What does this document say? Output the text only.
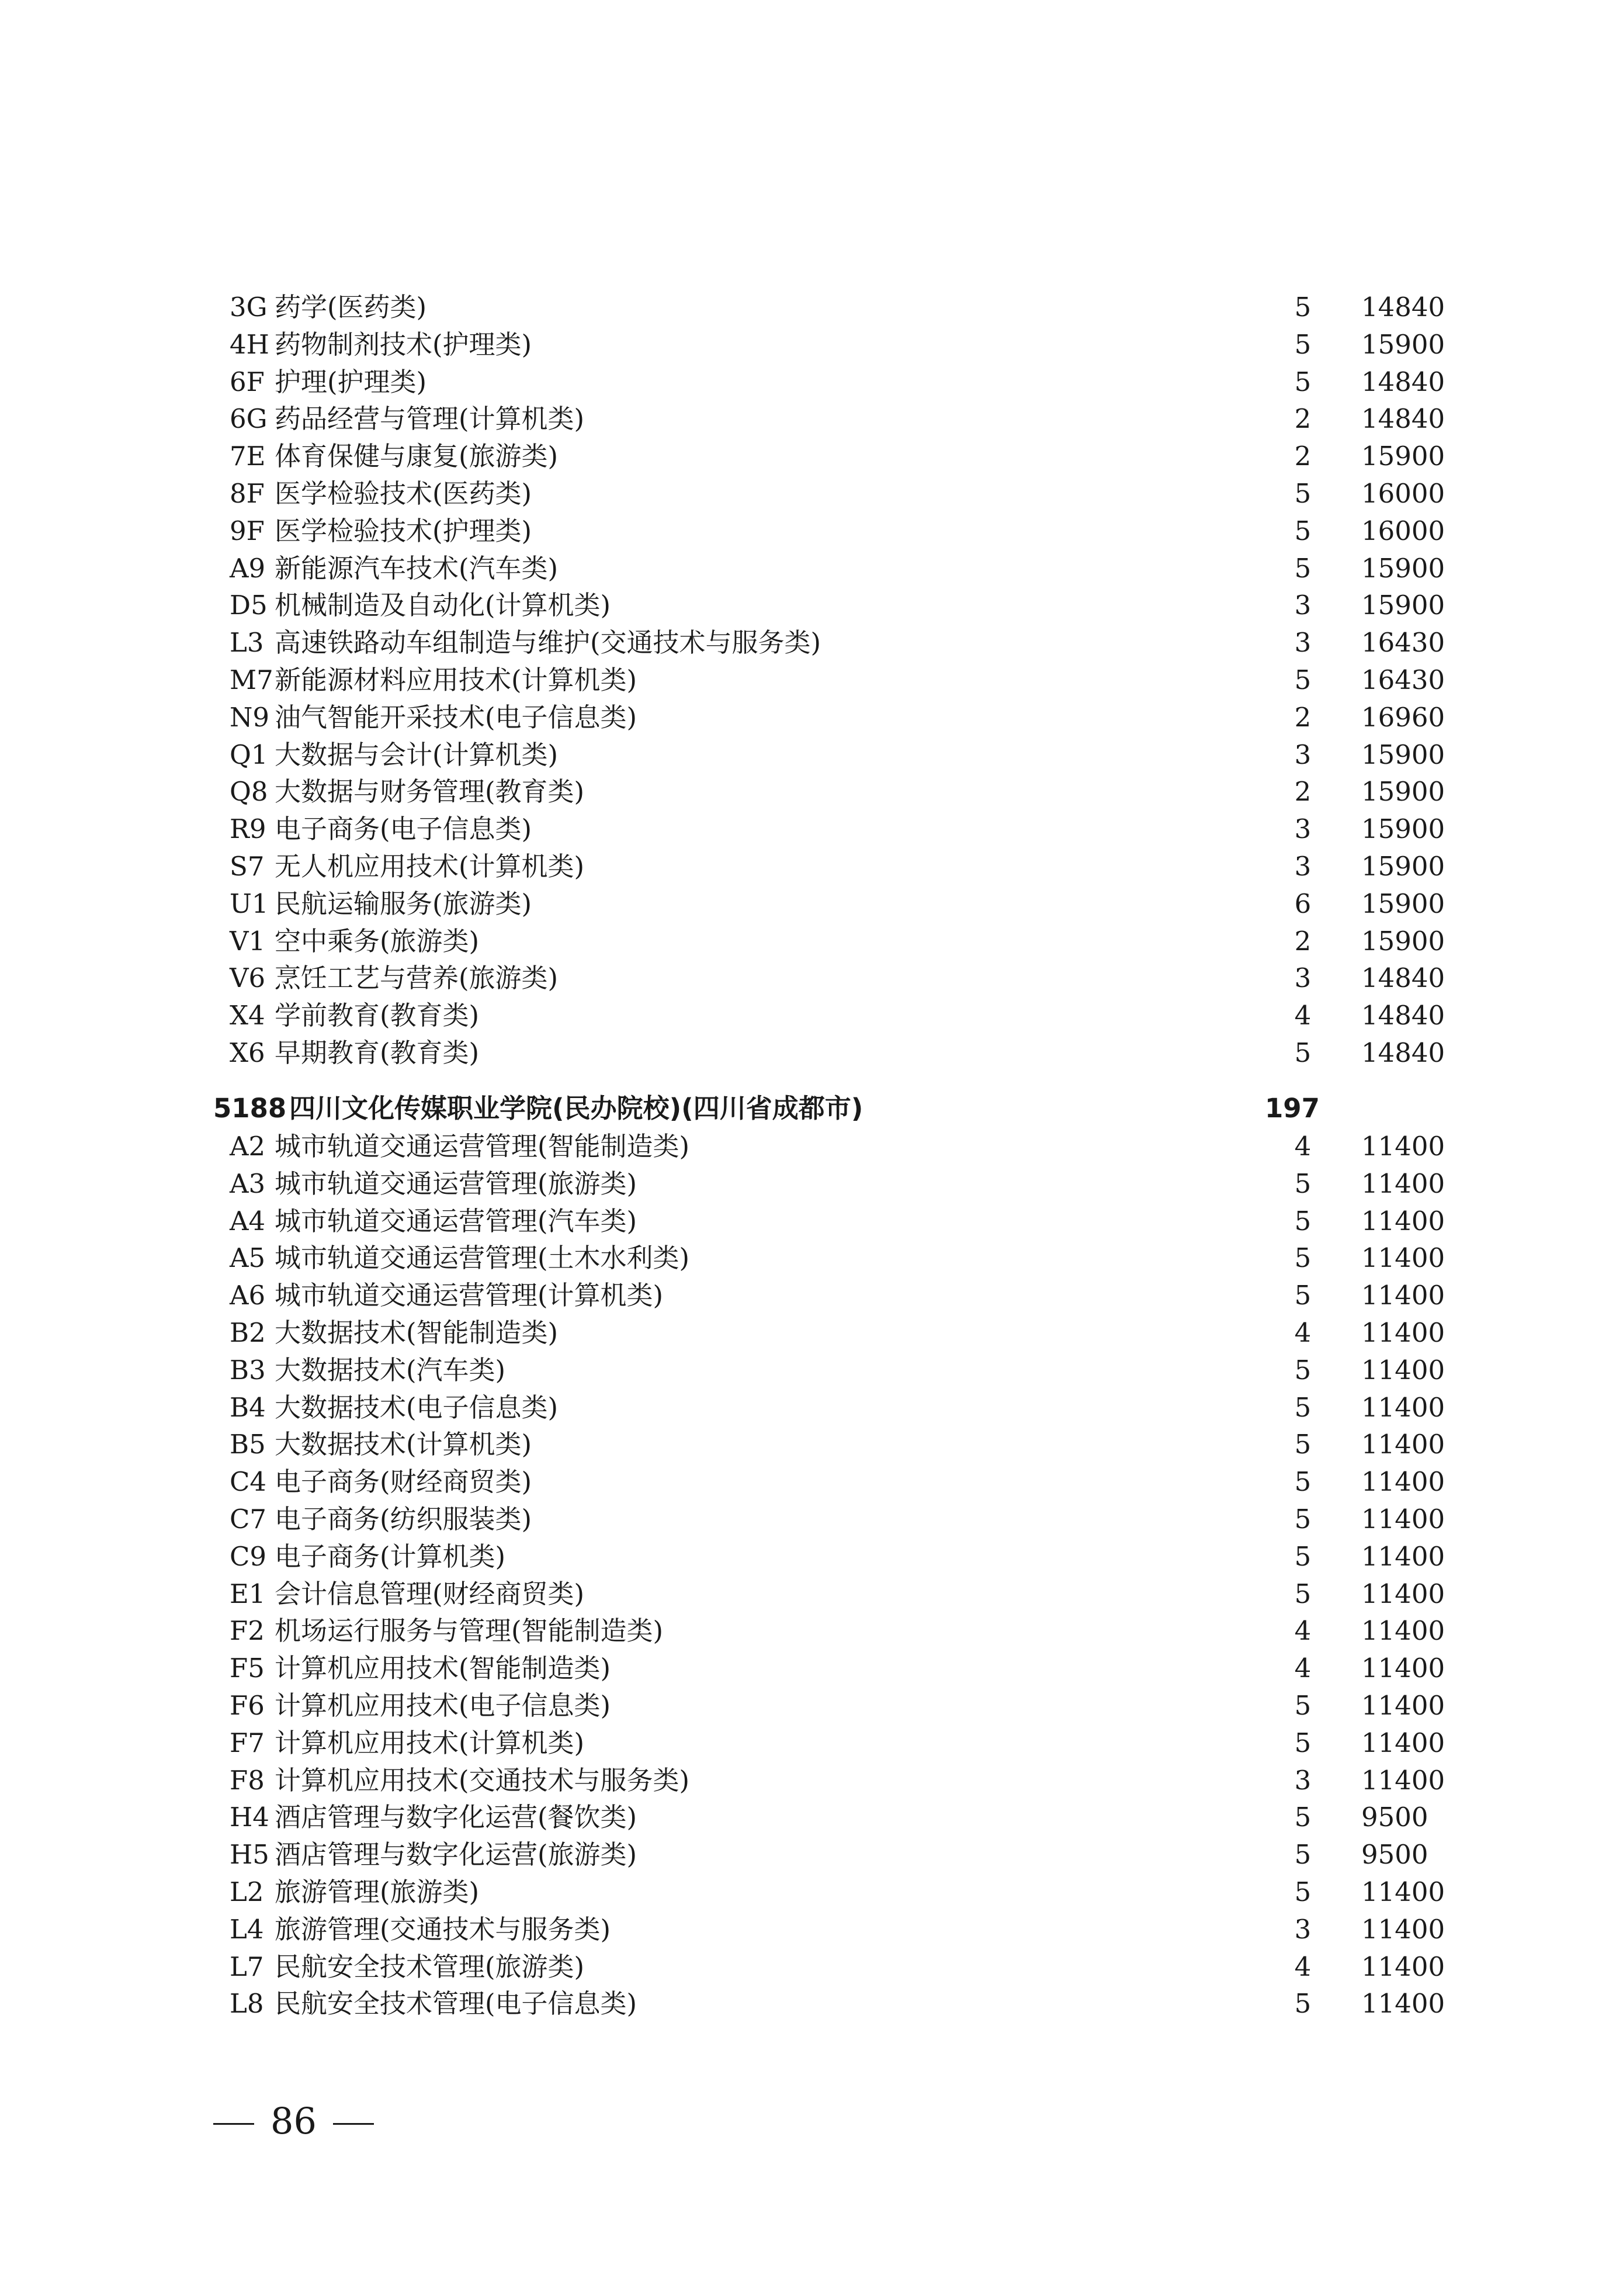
3G 药学(医药类)	5	14840
4H 药物制剂技术(护理类)	5	15900
6F 护理(护理类)	5	14840
6G 药品经营与管理(计算机类)	2	14840
7E 体育保健与康复(旅游类)	2	15900
8F 医学检验技术(医药类)	5	16000
9F 医学检验技术(护理类)	5	16000
A9 新能源汽车技术(汽车类)	5	15900
D5 机械制造及自动化(计算机类)	3	15900
L3 高速铁路动车组制造与维护(交通技术与服务类)	3	16430
M7 新能源材料应用技术(计算机类)	5	16430
N9 油气智能开采技术(电子信息类)	2	16960
Q1 大数据与会计(计算机类)	3	15900
Q8 大数据与财务管理(教育类)	2	15900
R9 电子商务(电子信息类)	3	15900
S7 无人机应用技术(计算机类)	3	15900
U1 民航运输服务(旅游类)	6	15900
V1 空中乘务(旅游类)	2	15900
V6 烹饪工艺与营养(旅游类)	3	14840
X4 学前教育(教育类)	4	14840
X6 早期教育(教育类)	5	14840
5188 四川文化传媒职业学院(民办院校)(四川省成都市)	197
A2 城市轨道交通运营管理(智能制造类)	4	11400
A3 城市轨道交通运营管理(旅游类)	5	11400
A4 城市轨道交通运营管理(汽车类)	5	11400
A5 城市轨道交通运营管理(土木水利类)	5	11400
A6 城市轨道交通运营管理(计算机类)	5	11400
B2 大数据技术(智能制造类)	4	11400
B3 大数据技术(汽车类)	5	11400
B4 大数据技术(电子信息类)	5	11400
B5 大数据技术(计算机类)	5	11400
C4 电子商务(财经商贸类)	5	11400
C7 电子商务(纺织服装类)	5	11400
C9 电子商务(计算机类)	5	11400
E1 会计信息管理(财经商贸类)	5	11400
F2 机场运行服务与管理(智能制造类)	4	11400
F5 计算机应用技术(智能制造类)	4	11400
F6 计算机应用技术(电子信息类)	5	11400
F7 计算机应用技术(计算机类)	5	11400
F8 计算机应用技术(交通技术与服务类)	3	11400
H4 酒店管理与数字化运营(餐饮类)	5	9500
H5 酒店管理与数字化运营(旅游类)	5	9500
L2 旅游管理(旅游类)	5	11400
L4 旅游管理(交通技术与服务类)	3	11400
L7 民航安全技术管理(旅游类)	4	11400
L8 民航安全技术管理(电子信息类)	5	11400
86
